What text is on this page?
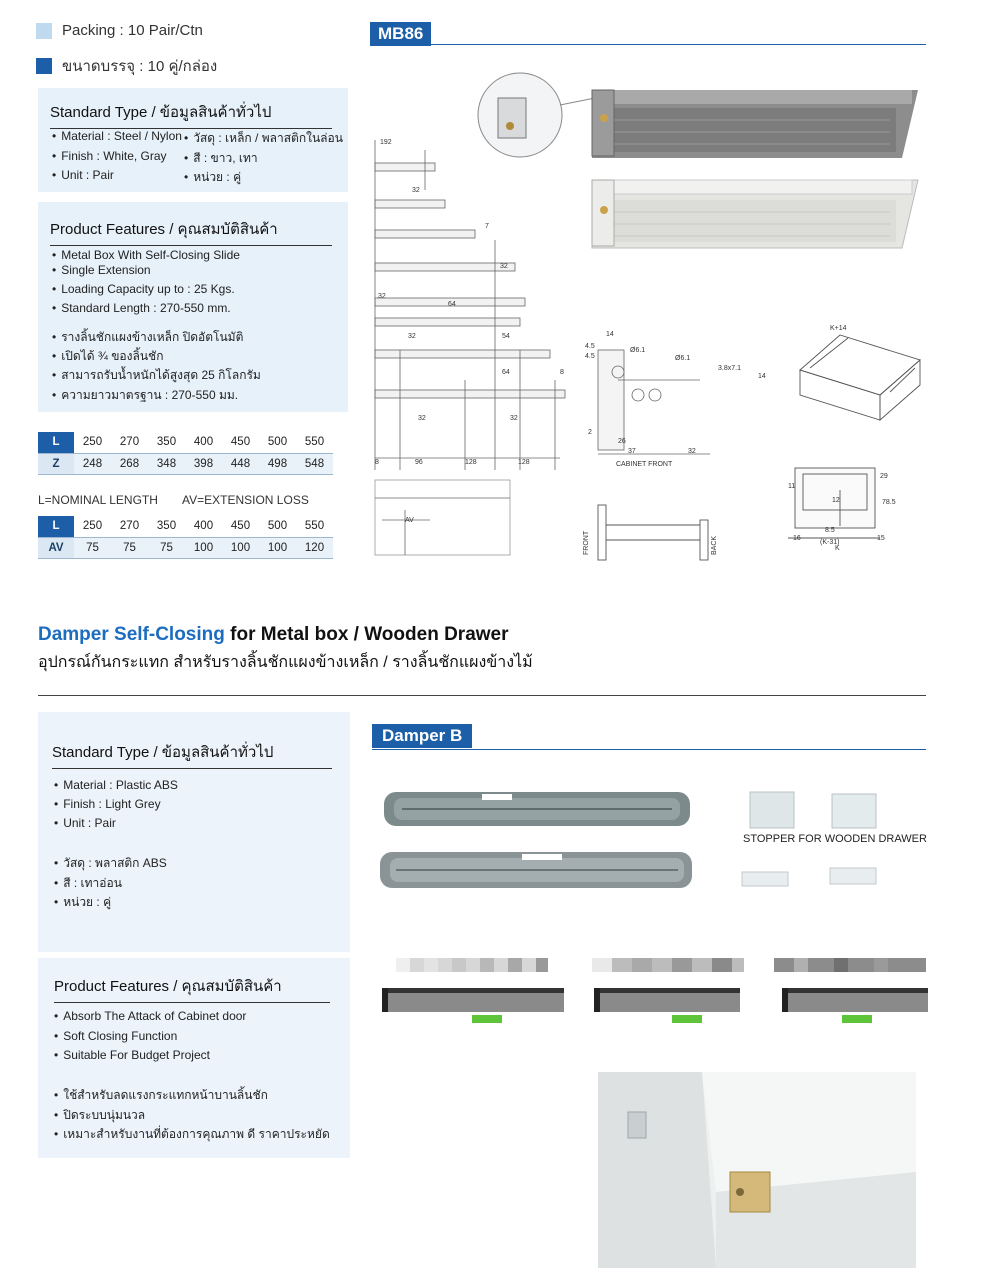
Packing : 10 Pair/Ctn
ขนาดบรรจุ : 10 คู่/กล่อง
Standard Type / ข้อมูลสินค้าทั่วไป
• Material : Steel / Nylon • วัสดุ : เหล็ก / พลาสติกในล่อน
• Finish : White, Gray	• สี : ขาว, เทา
• Unit : Pair	• หน่วย : คู่
Product Features / คุณสมบัติสินค้า
• Metal Box With Self-Closing Slide
• Single Extension
• Loading Capacity up to : 25 Kgs.
• Standard Length : 270-550 mm.
• รางลิ้นชักแผงข้างเหล็ก ปิดอัตโนมัติ
• เปิดได้ ¾ ของลิ้นชัก
• สามารถรับน้ำหนักได้สูงสุด 25 กิโลกรัม
• ความยาวมาตรฐาน : 270-550 มม.
L	250	270	350	400	450	500	550
Z	248	268	348	398	448	498	548
L=NOMINAL LENGTH AV=EXTENSION LOSS
L	250	270	350	400	450	500	550
AV	75	75	75	100	100	100	120
MB86
192
32
7
32
32
64
32	54
64	8
32	32
8	96	128	128
AV
14
4.5
4.5
Ø6.1
Ø6.1
3.8x7.1
2
26
37	32
CABINET FRONT
K+14
14
29
11
78.5
12
8.5
16
(K-31)
15
K
FRONT	BACK
Damper Self-Closing for Metal box / Wooden Drawer
อุปกรณ์กันกระแทก สำหรับรางลิ้นชักแผงข้างเหล็ก / รางลิ้นชักแผงข้างไม้
Standard Type / ข้อมูลสินค้าทั่วไป
• Material : Plastic ABS
• Finish : Light Grey
• Unit : Pair
• วัสดุ : พลาสติก ABS
• สี : เทาอ่อน
• หน่วย : คู่
Product Features / คุณสมบัติสินค้า
• Absorb The Attack of Cabinet door
• Soft Closing Function
• Suitable For Budget Project
• ใช้สำหรับลดแรงกระแทกหน้าบานลิ้นชัก
• ปิดระบบนุ่มนวล
• เหมาะสำหรับงานที่ต้องการคุณภาพ ดี ราคาประหยัด
Damper B
STOPPER FOR WOODEN DRAWER
